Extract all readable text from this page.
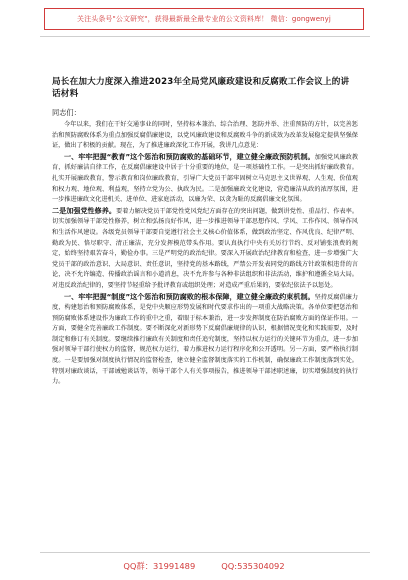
关注头条号"公文研究"，获得最新最全最专业的公文资料库！ 微信：gongwenyj
局长在加大力度深入推进2023年全局党风廉政建设和反腐败工作会议上的讲话材料
同志们：

今年以来，我们在干好交通事业的同时，坚持标本兼治、综合治理、惩防并举、注重预防的方针，以完善惩治和预防腐败体系为重点加强反腐倡廉建设，以党风廉政建设和反腐败斗争的新成效为改革发展稳定提供坚强保证，做出了积极的贡献。现在，为了推进廉政深化工作开展，我讲几点意见：

一、牢牢把握“教育”这个惩治和预防腐败的基础环节，建立健全廉政预防机制。加强党风廉政教育，抓好廉洁自律工作，在反腐倡廉建设中居于十分重要的地位，是一项基础性工作。一是突出抓好廉政教育。扎实开展廉政教育，警示教育和岗位廉政教育，引导广大党员干部牢固树立马克思主义世界观、人生观、价值观和权力观、地位观、利益观，坚持立党为公、执政为民。二是加强廉政文化建设，营造廉洁从政的浓厚氛围，进一步推进廉政文化进机关、进单位、进家庭活动，以廉为荣、以贪为耻的反腐倡廉文化氛围。

二是加强党性修养。要着力解决党员干部党性党风党纪方面存在的突出问题，做到讲党性、重品行、作表率。切实加强领导干部党性修养，树立和弘扬良好作风，进一步推进领导干部思想作风、学风、工作作风、领导作风和生活作风建设。各级党员领导干部要自觉遵行社会主义核心价值体系，做到政治坚定、作风优良、纪律严明、勤政为民、恪尽职守、清正廉洁，充分发挥模范带头作用。要认真执行中央有关厉行节约、反对铺张浪费的规定，始终坚持艰苦奋斗，勤俭办事。三是严明党的政治纪律。要深入开展政治纪律教育和检查，进一步增强广大党员干部的政治意识、大局意识、责任意识，坚持党的基本路线，严禁公开发表同党的路线方针政策相违背的言论，决不允许编造、传播政治谣言和小道消息，决不允许参与各种非法组织和非法活动，维护和遵循全局大局。对违反政治纪律的，要坚持节轻重给予批评教育或组织处理；对造成严重后果的，要依纪依法予以惩处。

一、牢牢把握“制度”这个惩治和预防腐败的根本保障，建立健全廉政约束机制。坚持反腐倡廉力度，构建惩治和预防腐败体系，是党中央顺应形势发展和时代要求作出的一项重大战略决策。各单位要把惩治和预防腐败体系建设作为廉政工作的重中之重，着眼于标本兼治，进一步发挥制度在防治腐败方面的保证作用。一方面，要健全完善廉政工作制度。要不断深化对新形势下反腐倡廉规律的认识，根据情况变化和实践需要，及时制定和修订有关制度。要继续推行廉政有关制度和责任追究制度，坚持以权力运行的关键环节为重点，进一步加强对领导干部行使权力的监督，规范权力运行，着力推进权力运行程序化和公开透明。另一方面，要严格执行制度。一是要加强对制度执行情况的监督检查，建立健全监督制度落实的工作机制，确保廉政工作制度落到实处。特别对廉政谈话，干部诫勉谈话等，领导干部个人有关事项报告，推进领导干部述职述廉，切实增强制度的执行力。

QQ群：31991489	QQ:535304092
